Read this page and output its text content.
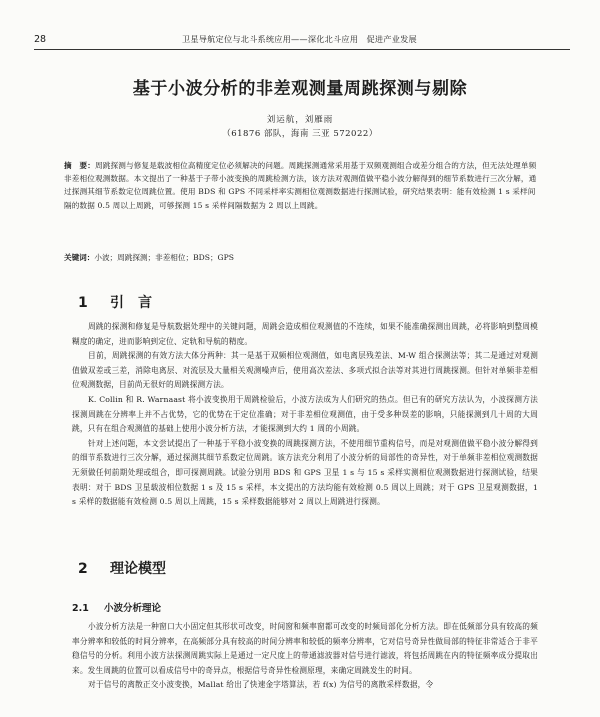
28	卫星导航定位与北斗系统应用——深化北斗应用　促进产业发展
基于小波分析的非差观测量周跳探测与剔除
刘运航，刘雁雨
（61876 部队，海南 三亚 572022）
摘　要：周跳探测与修复是载波相位高精度定位必须解决的问题。周跳探测通常采用基于双频观测组合或差分组合的方法，但无法处理单频非差相位观测数据。本文提出了一种基于子带小波变换的周跳检测方法，该方法对观测值做平稳小波分解得到的细节系数进行三次分解，通过探测其细节系数定位周跳位置。使用 BDS 和 GPS 不同采样率实测相位观测数据进行探测试验，研究结果表明：能有效检测 1 s 采样间隔的数据 0.5 周以上周跳，可够探测 15 s 采样间隔数据为 2 周以上周跳。
关键词：小波；周跳探测；非差相位；BDS；GPS
1 引　言

周跳的探测和修复是导航数据处理中的关键问题，周跳会造成相位观测值的不连续，如果不能准确探测出周跳，必将影响到整周模糊度的确定，进而影响到定位、定轨和导航的精度。

目前，周跳探测的有效方法大体分两种：其一是基于双频相位观测值，如电离层残差法、M-W 组合探测法等；其二是通过对观测值做双差或三差，消除电离层、对流层及大量相关观测噪声后，使用高次差法、多项式拟合法等对其进行周跳探测。但针对单频非差相位观测数据，目前尚无很好的周跳探测方法。

K. Collin 和 R. Warnaast 将小波变换用于周跳检验后，小波方法成为人们研究的热点。但已有的研究方法认为，小波探测方法探测周跳在分辨率上并不占优势，它的优势在于定位准确；对于非差相位观测值，由于受多种误差的影响，只能探测到几十周的大周跳，只有在组合观测值的基础上使用小波分析方法，才能探测到大约 1 周的小周跳。

针对上述问题，本文尝试提出了一种基于平稳小波变换的周跳探测方法，不使用细节重构信号，而是对观测值做平稳小波分解得到的细节系数进行三次分解，通过探测其细节系数定位周跳。该方法充分利用了小波分析的局部性的奇异性，对于单频非差相位观测数据无须做任何前期处理或组合，即可探测周跳。试验分别用 BDS 和 GPS 卫星 1 s 与 15 s 采样实测相位观测数据进行探测试验，结果表明：对于 BDS 卫星载波相位数据 1 s 及 15 s 采样，本文提出的方法均能有效检测 0.5 周以上周跳；对于 GPS 卫星观测数据，1 s 采样的数据能有效检测 0.5 周以上周跳，15 s 采样数据能够对 2 周以上周跳进行探测。

2 理论模型
2.1 小波分析理论

小波分析方法是一种窗口大小固定但其形状可改变，时间窗和频率窗都可改变的时频局部化分析方法。即在低频部分具有较高的频率分辨率和较低的时间分辨率，在高频部分具有较高的时间分辨率和较低的频率分辨率，它对信号奇异性做局部的特征非常适合于非平稳信号的分析。利用小波方法探测周跳实际上是通过一定尺度上的带通滤波器对信号进行滤波，将包括周跳在内的特征频率成分提取出来。发生周跳的位置可以看成信号中的奇异点，根据信号奇异性检测原理，来确定周跳发生的时间。

对于信号的离散正交小波变换，Mallat 给出了快速金字塔算法，若 f(x) 为信号的离散采样数据，令
